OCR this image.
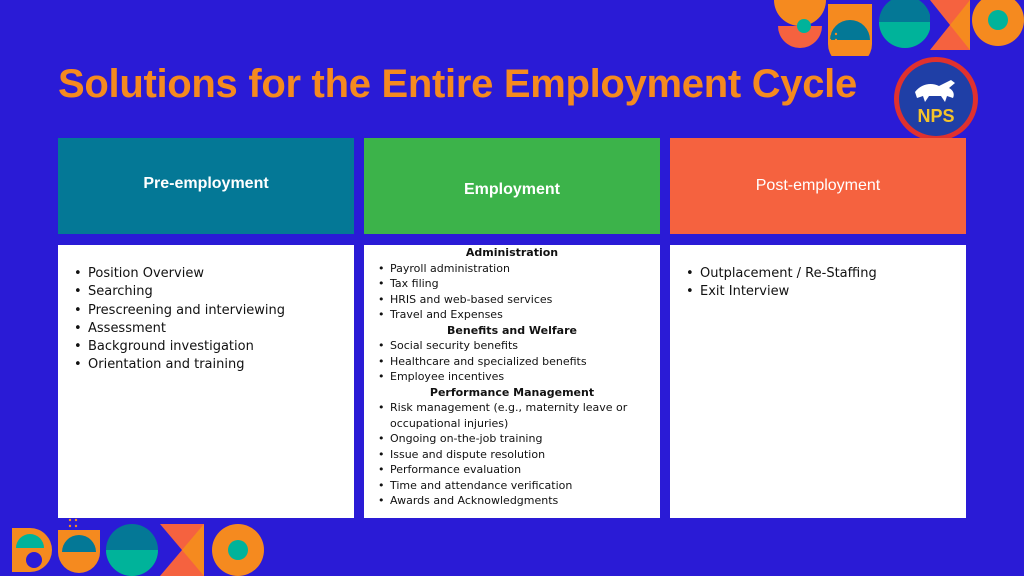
Solutions for the Entire Employment Cycle
NPS
Pre-employment	Employment	Post-employment
• Position Overview
• Searching
• Prescreening and interviewing
• Assessment
• Background investigation
• Orientation and training
Administration
• Payroll administration
• Tax filing
• HRIS and web-based services
• Travel and Expenses
Benefits and Welfare
• Social security benefits
• Healthcare and specialized benefits
• Employee incentives
Performance Management
• Risk management (e.g., maternity leave or occupational injuries)
• Ongoing on-the-job training
• Issue and dispute resolution
• Performance evaluation
• Time and attendance verification
• Awards and Acknowledgments
• Outplacement / Re-Staffing
• Exit Interview
